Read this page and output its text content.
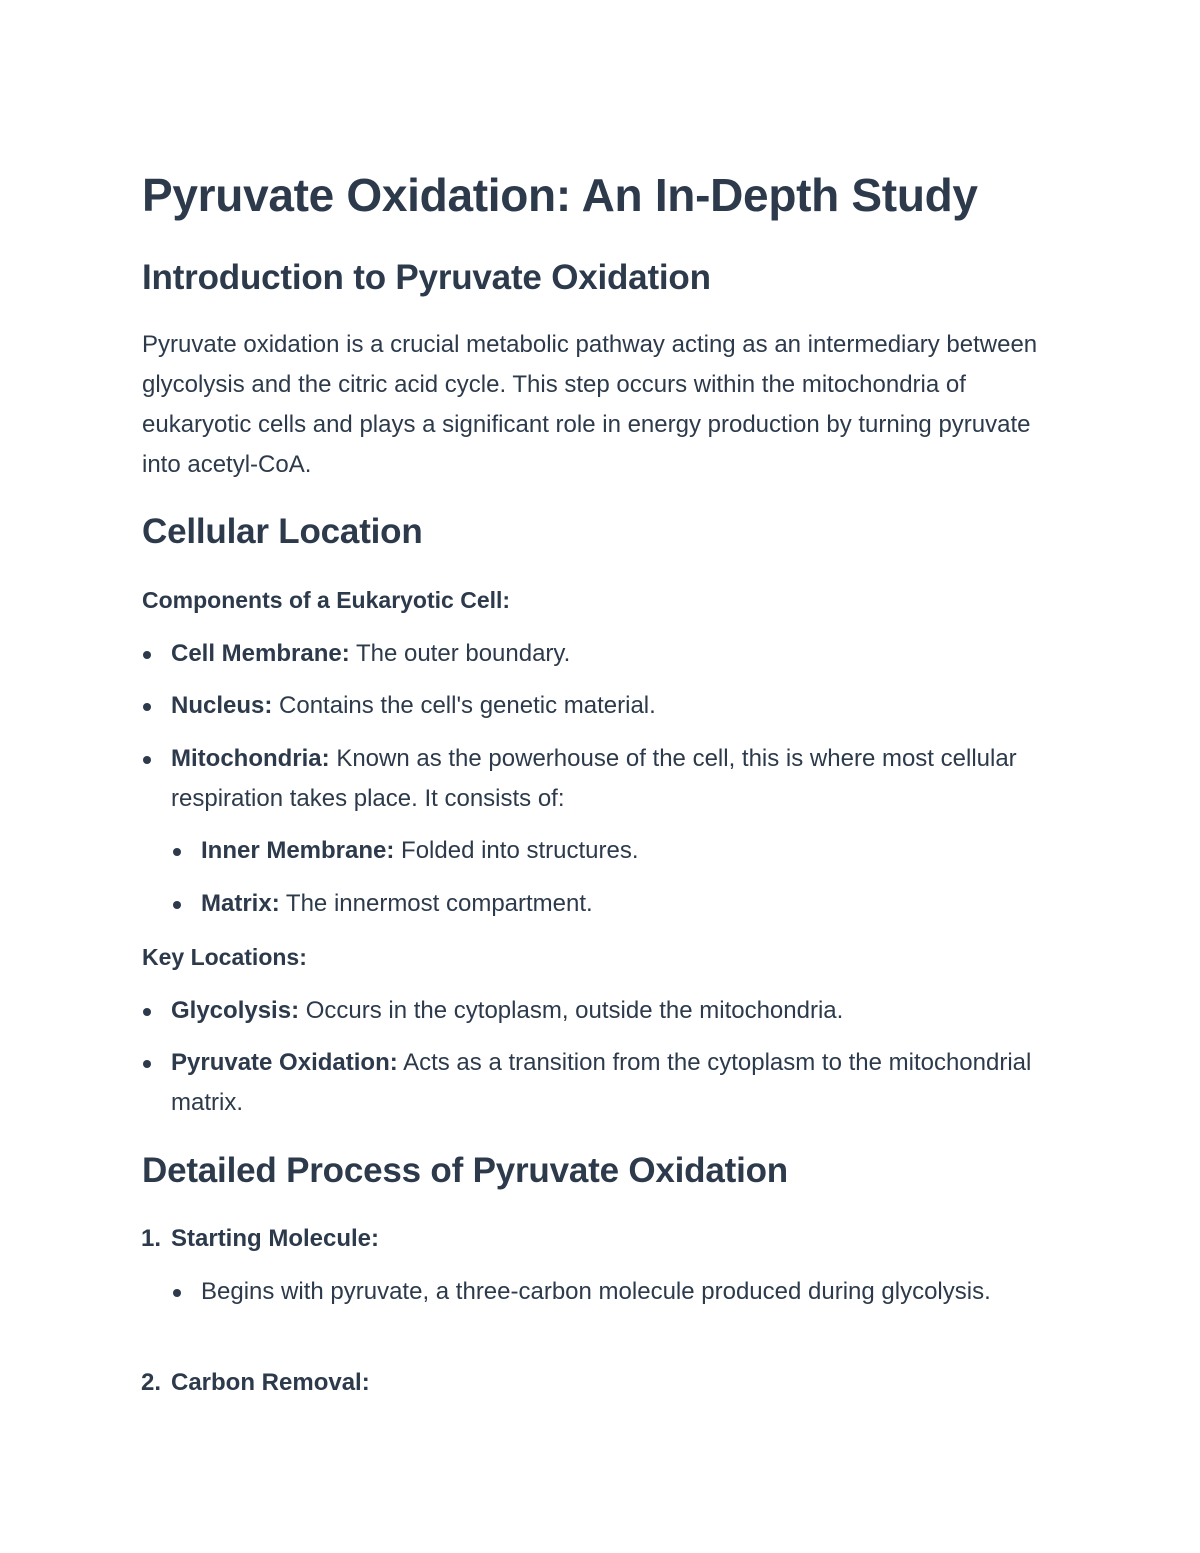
Pyruvate Oxidation: An In-Depth Study
Introduction to Pyruvate Oxidation

Pyruvate oxidation is a crucial metabolic pathway acting as an intermediary between glycolysis and the citric acid cycle. This step occurs within the mitochondria of eukaryotic cells and plays a significant role in energy production by turning pyruvate into acetyl-CoA.

Cellular Location

Components of a Eukaryotic Cell:

Cell Membrane: The outer boundary.
Nucleus: Contains the cell's genetic material.
Mitochondria: Known as the powerhouse of the cell, this is where most cellular respiration takes place. It consists of:
Inner Membrane: Folded into structures.
Matrix: The innermost compartment.

Key Locations:

Glycolysis: Occurs in the cytoplasm, outside the mitochondria.
Pyruvate Oxidation: Acts as a transition from the cytoplasm to the mitochondrial matrix.
Detailed Process of Pyruvate Oxidation
1. Starting Molecule:
Begins with pyruvate, a three-carbon molecule produced during glycolysis.
2. Carbon Removal:
